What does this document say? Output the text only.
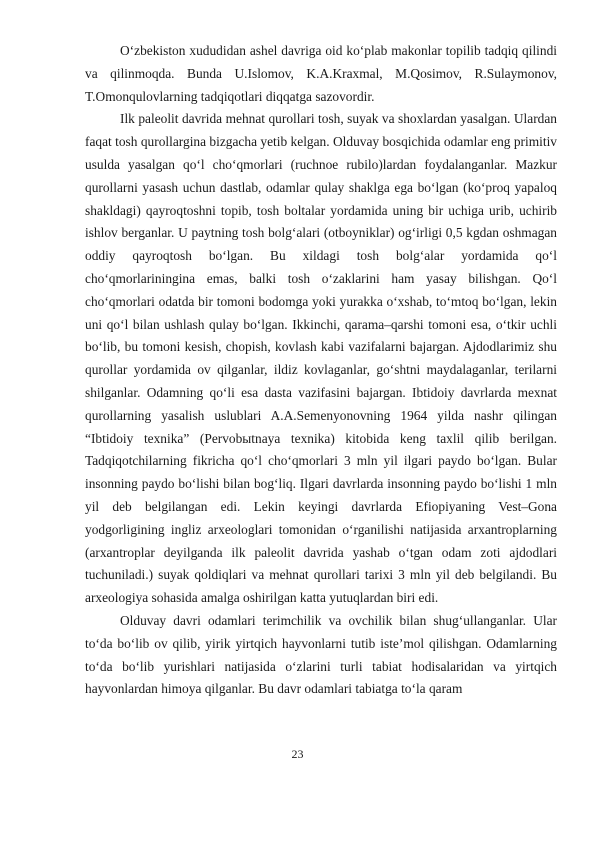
O‘zbekiston xududidan ashel davriga oid ko‘plab makonlar topilib tadqiq qilindi va qilinmoqda. Bunda U.Islomov, K.A.Kraxmal, M.Qosimov, R.Sulaymonov, T.Omonqulovlarning tadqiqotlari diqqatga sazovordir.

Ilk paleolit davrida mehnat qurollari tosh, suyak va shoxlardan yasalgan. Ulardan faqat tosh qurollargina bizgacha yetib kelgan. Olduvay bosqichida odamlar eng primitiv usulda yasalgan qo‘l cho‘qmorlari (ruchnoe rubilo)lardan foydalanganlar. Mazkur qurollarni yasash uchun dastlab, odamlar qulay shaklga ega bo‘lgan (ko‘proq yapaloq shakldagi) qayroqtoshni topib, tosh boltalar yordamida uning bir uchiga urib, uchirib ishlov berganlar. U paytning tosh bolg‘alari (otboyniklar) og‘irligi 0,5 kgdan oshmagan oddiy qayroqtosh bo‘lgan. Bu xildagi tosh bolg‘alar yordamida qo‘l cho‘qmorlariningina emas, balki tosh o‘zaklarini ham yasay bilishgan. Qo‘l cho‘qmorlari odatda bir tomoni bodomga yoki yurakka o‘xshab, to‘mtoq bo‘lgan, lekin uni qo‘l bilan ushlash qulay bo‘lgan. Ikkinchi, qarama–qarshi tomoni esa, o‘tkir uchli bo‘lib, bu tomoni kesish, chopish, kovlash kabi vazifalarni bajargan. Ajdodlarimiz shu qurollar yordamida ov qilganlar, ildiz kovlaganlar, go‘shtni maydalaganlar, terilarni shilganlar. Odamning qo‘li esa dasta vazifasini bajargan. Ibtidoiy davrlarda mexnat qurollarning yasalish uslublari A.A.Semenyonovning 1964 yilda nashr qilingan “Ibtidoiy texnika” (Pervobыtnaya texnika) kitobida keng taxlil qilib berilgan. Tadqiqotchilarning fikricha qo‘l cho‘qmorlari 3 mln yil ilgari paydo bo‘lgan. Bular insonning paydo bo‘lishi bilan bog‘liq. Ilgari davrlarda insonning paydo bo‘lishi 1 mln yil deb belgilangan edi. Lekin keyingi davrlarda Efiopiyaning Vest–Gona yodgorligining ingliz arxeologlari tomonidan o‘rganilishi natijasida arxantroplarning (arxantroplar deyilganda ilk paleolit davrida yashab o‘tgan odam zoti ajdodlari tuchuniladi.) suyak qoldiqlari va mehnat qurollari tarixi 3 mln yil deb belgilandi. Bu arxeologiya sohasida amalga oshirilgan katta yutuqlardan biri edi.

Olduvay davri odamlari terimchilik va ovchilik bilan shug‘ullanganlar. Ular to‘da bo‘lib ov qilib, yirik yirtqich hayvonlarni tutib iste’mol qilishgan. Odamlarning to‘da bo‘lib yurishlari natijasida o‘zlarini turli tabiat hodisalaridan va yirtqich hayvonlardan himoya qilganlar. Bu davr odamlari tabiatga to‘la qaram

23
